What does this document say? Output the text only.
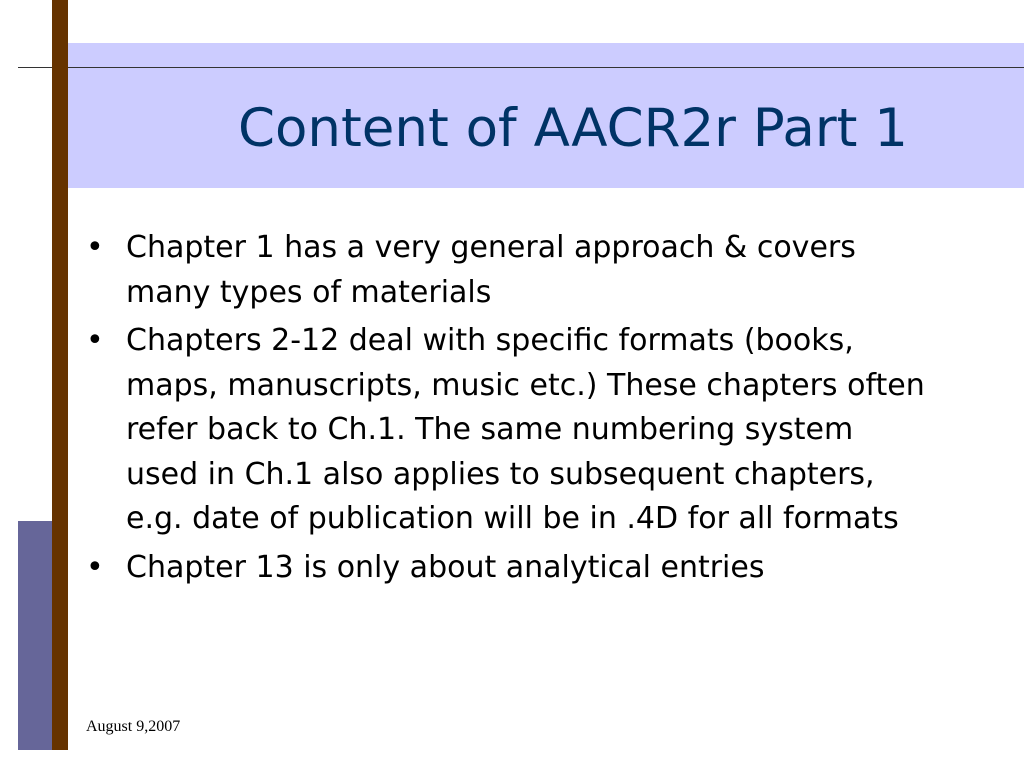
Content of AACR2r Part 1
• Chapter 1 has a very general approach & covers many types of materials
• Chapters 2-12 deal with specific formats (books, maps, manuscripts, music etc.) These chapters often refer back to Ch.1. The same numbering system used in Ch.1 also applies to subsequent chapters, e.g. date of publication will be in .4D for all formats
• Chapter 13 is only about analytical entries
August 9,2007
